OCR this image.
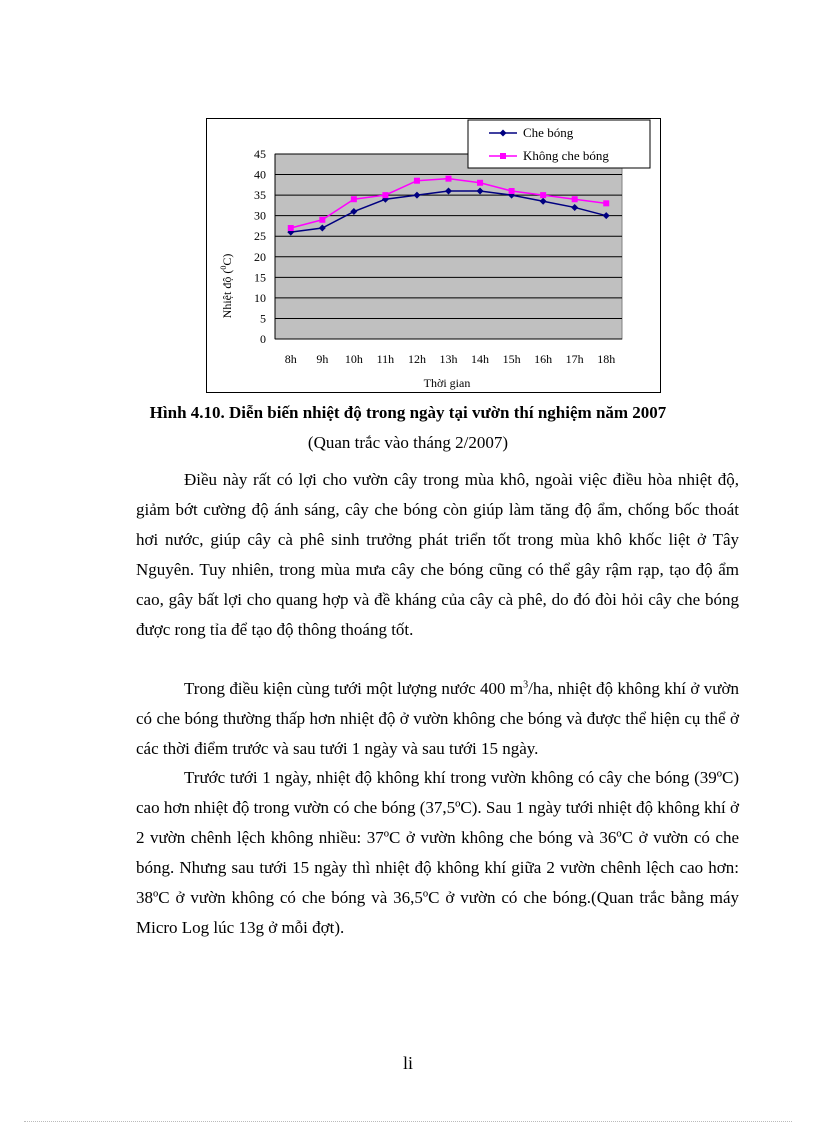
0
5
10
15
20
25
30
35
40
45
8h 9h 10h 11h 12h 13h 14h 15h 16h 17h 18h
Nhiệt độ ($^0$C)
Thời gian
Che bóng
Không che bóng
Hình 4.10. Diễn biến nhiệt độ trong ngày tại vườn thí nghiệm năm 2007
(Quan trắc vào tháng 2/2007)
Điều này rất có lợi cho vườn cây trong mùa khô, ngoài việc điều hòa nhiệt độ, giảm bớt cường độ ánh sáng, cây che bóng còn giúp làm tăng độ ẩm, chống bốc thoát hơi nước, giúp cây cà phê sinh trưởng phát triển tốt trong mùa khô khốc liệt ở Tây Nguyên. Tuy nhiên, trong mùa mưa cây che bóng cũng có thể gây rậm rạp, tạo độ ẩm cao, gây bất lợi cho quang hợp và đề kháng của cây cà phê, do đó đòi hỏi cây che bóng được rong tỉa để tạo độ thông thoáng tốt.
Trong điều kiện cùng tưới một lượng nước 400 $m^3/ha$, nhiệt độ không khí ở vườn có che bóng thường thấp hơn nhiệt độ ở vườn không che bóng và được thể hiện cụ thể ở các thời điểm trước và sau tưới 1 ngày và sau tưới 15 ngày.
Trước tưới 1 ngày, nhiệt độ không khí trong vườn không có cây che bóng (39ºC) cao hơn nhiệt độ trong vườn có che bóng (37,5ºC). Sau 1 ngày tưới nhiệt độ không khí ở 2 vườn chênh lệch không nhiều: 37ºC ở vườn không che bóng và 36ºC ở vườn có che bóng. Nhưng sau tưới 15 ngày thì nhiệt độ không khí giữa 2 vườn chênh lệch cao hơn: 38ºC ở vườn không có che bóng và 36,5ºC ở vườn có che bóng.(Quan trắc bằng máy Micro Log lúc 13g ở mỗi đợt).
li
